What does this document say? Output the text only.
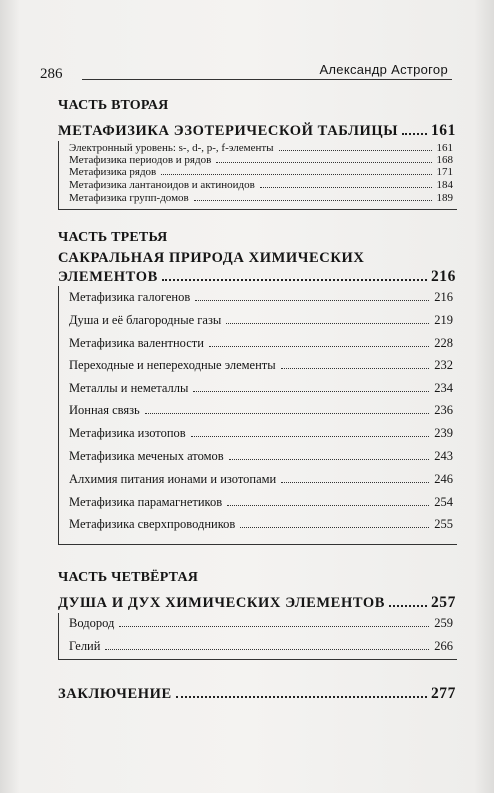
286	Александр Астрогор
ЧАСТЬ ВТОРАЯ
МЕТАФИЗИКА ЭЗОТЕРИЧЕСКОЙ ТАБЛИЦЫ 161
Электронный уровень: s-, d-, p-, f-элементы	161
Метафизика периодов и рядов	168
Метафизика рядов	171
Метафизика лантаноидов и актиноидов	184
Метафизика групп-домов	189
ЧАСТЬ ТРЕТЬЯ
САКРАЛЬНАЯ ПРИРОДА ХИМИЧЕСКИХ
ЭЛЕМЕНТОВ	216
Метафизика галогенов	216
Душа и её благородные газы	219
Метафизика валентности	228
Переходные и непереходные элементы	232
Металлы и неметаллы	234
Ионная связь	236
Метафизика изотопов	239
Метафизика меченых атомов	243
Алхимия питания ионами и изотопами	246
Метафизика парамагнетиков	254
Метафизика сверхпроводников	255
ЧАСТЬ ЧЕТВЁРТАЯ
ДУША И ДУХ ХИМИЧЕСКИХ ЭЛЕМЕНТОВ	257
Водород	259
Гелий	266
ЗАКЛЮЧЕНИЕ	277
